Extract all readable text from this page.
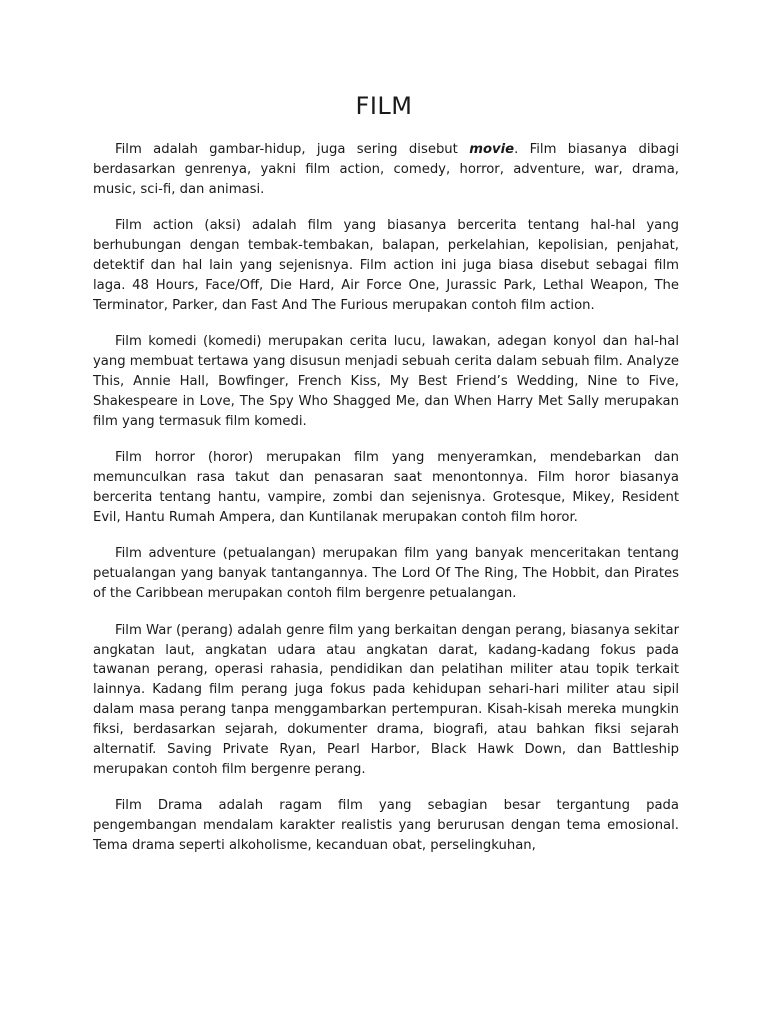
FILM

Film adalah gambar-hidup, juga sering disebut movie. Film biasanya dibagi berdasarkan genrenya, yakni film action, comedy, horror, adventure, war, drama, music, sci-fi, dan animasi.

Film action (aksi) adalah film yang biasanya bercerita tentang hal-hal yang berhubungan dengan tembak-tembakan, balapan, perkelahian, kepolisian, penjahat, detektif dan hal lain yang sejenisnya. Film action ini juga biasa disebut sebagai film laga. 48 Hours, Face/Off, Die Hard, Air Force One, Jurassic Park, Lethal Weapon, The Terminator, Parker, dan Fast And The Furious merupakan contoh film action.

Film komedi (komedi) merupakan cerita lucu, lawakan, adegan konyol dan hal-hal yang membuat tertawa yang disusun menjadi sebuah cerita dalam sebuah film. Analyze This, Annie Hall, Bowfinger, French Kiss, My Best Friend’s Wedding, Nine to Five, Shakespeare in Love, The Spy Who Shagged Me, dan When Harry Met Sally merupakan film yang termasuk film komedi.

Film horror (horor) merupakan film yang menyeramkan, mendebarkan dan memunculkan rasa takut dan penasaran saat menontonnya. Film horor biasanya bercerita tentang hantu, vampire, zombi dan sejenisnya. Grotesque, Mikey, Resident Evil, Hantu Rumah Ampera, dan Kuntilanak merupakan contoh film horor.

Film adventure (petualangan) merupakan film yang banyak menceritakan tentang petualangan yang banyak tantangannya. The Lord Of The Ring, The Hobbit, dan Pirates of the Caribbean merupakan contoh film bergenre petualangan.

Film War (perang) adalah genre film yang berkaitan dengan perang, biasanya sekitar angkatan laut, angkatan udara atau angkatan darat, kadang-kadang fokus pada tawanan perang, operasi rahasia, pendidikan dan pelatihan militer atau topik terkait lainnya. Kadang film perang juga fokus pada kehidupan sehari-hari militer atau sipil dalam masa perang tanpa menggambarkan pertempuran. Kisah-kisah mereka mungkin fiksi, berdasarkan sejarah, dokumenter drama, biografi, atau bahkan fiksi sejarah alternatif. Saving Private Ryan, Pearl Harbor, Black Hawk Down, dan Battleship merupakan contoh film bergenre perang.

Film Drama adalah ragam film yang sebagian besar tergantung pada pengembangan mendalam karakter realistis yang berurusan dengan tema emosional. Tema drama seperti alkoholisme, kecanduan obat, perselingkuhan,
